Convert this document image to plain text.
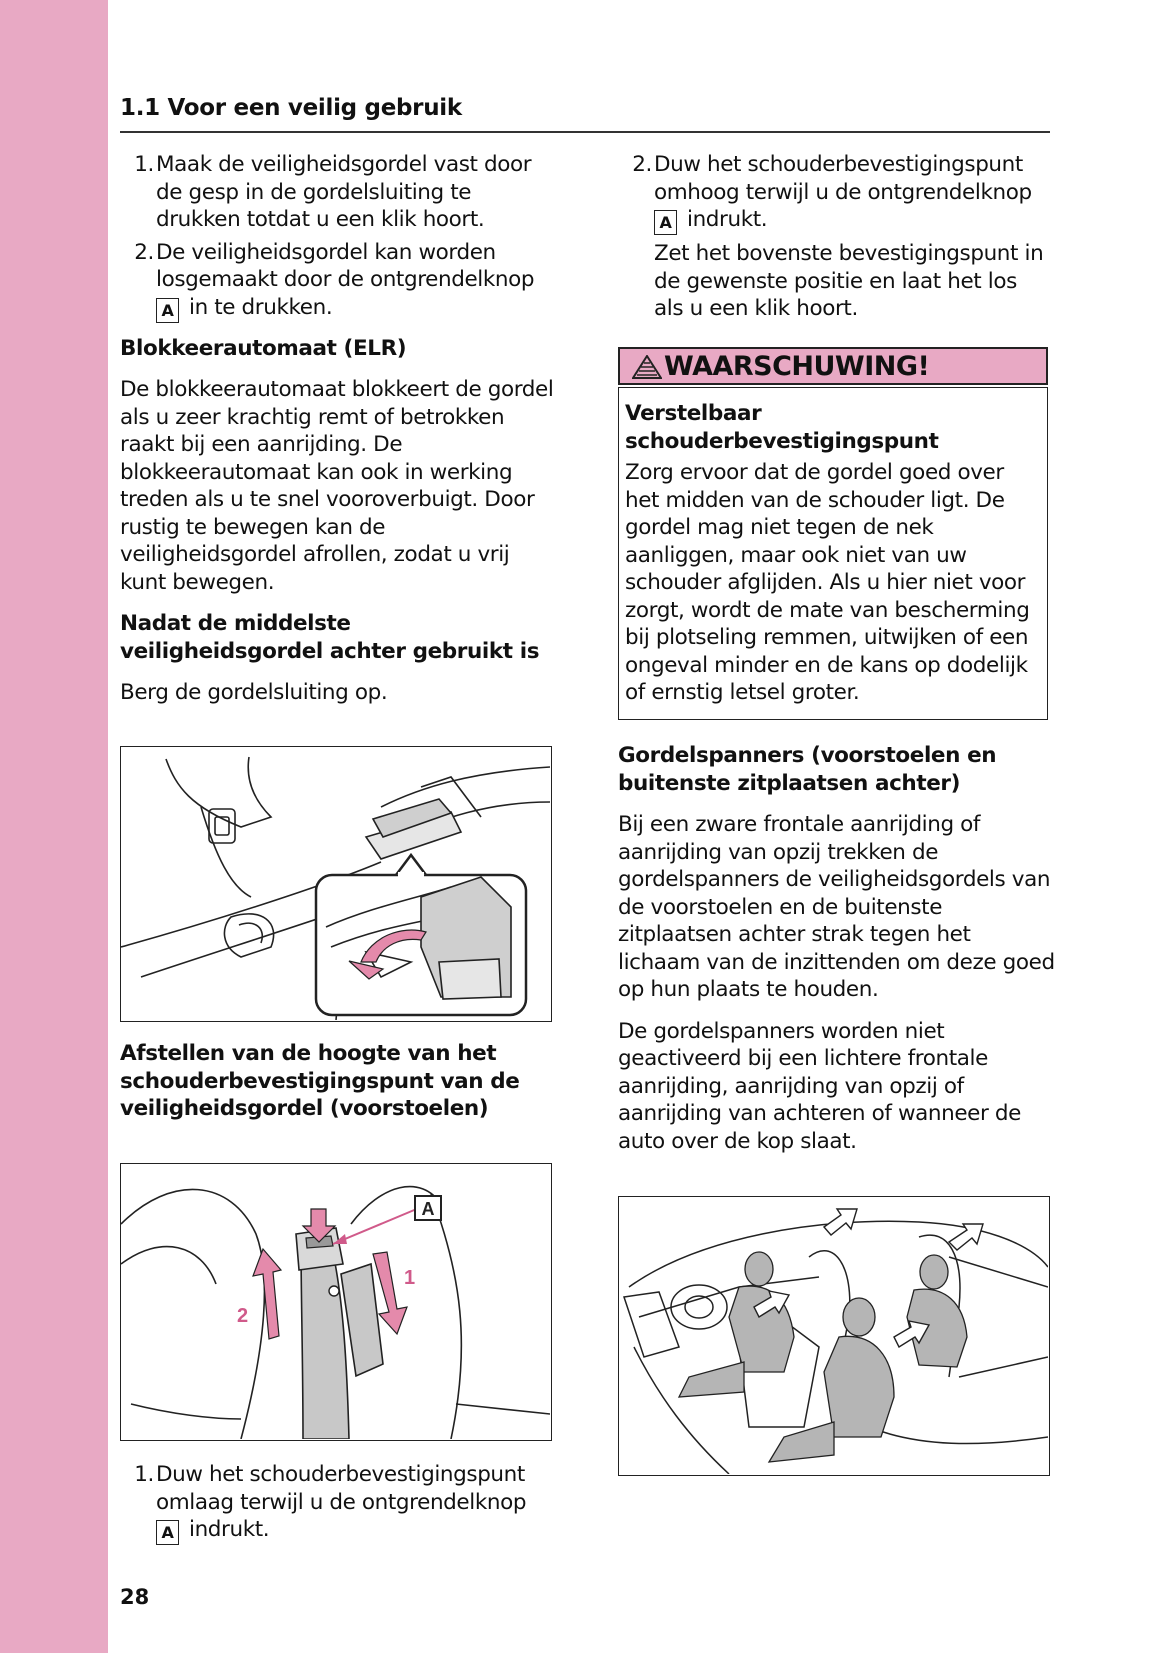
1.1 Voor een veilig gebruik
1. Maak de veiligheidsgordel vast door de gesp in de gordelsluiting te drukken totdat u een klik hoort.
2. De veiligheidsgordel kan worden losgemaakt door de ontgrendelknop
A in te drukken.
Blokkeerautomaat (ELR)
De blokkeerautomaat blokkeert de gordel als u zeer krachtig remt of betrokken raakt bij een aanrijding. De blokkeerautomaat kan ook in werking treden als u te snel vooroverbuigt. Door rustig te bewegen kan de veiligheidsgordel afrollen, zodat u vrij kunt bewegen.
Nadat de middelste veiligheidsgordel achter gebruikt is
Berg de gordelsluiting op.
Afstellen van de hoogte van het schouderbevestigingspunt van de veiligheidsgordel (voorstoelen)
A
1
2
1. Duw het schouderbevestigingspunt omlaag terwijl u de ontgrendelknop
A indrukt.
2. Duw het schouderbevestigingspunt omhoog terwijl u de ontgrendelknop
A indrukt.
Zet het bovenste bevestigingspunt in de gewenste positie en laat het los als u een klik hoort.
WAARSCHUWING!
Verstelbaar schouderbevestigingspunt
Zorg ervoor dat de gordel goed over het midden van de schouder ligt. De gordel mag niet tegen de nek aanliggen, maar ook niet van uw schouder afglijden. Als u hier niet voor zorgt, wordt de mate van bescherming bij plotseling remmen, uitwijken of een ongeval minder en de kans op dodelijk of ernstig letsel groter.
Gordelspanners (voorstoelen en buitenste zitplaatsen achter)
Bij een zware frontale aanrijding of aanrijding van opzij trekken de gordelspanners de veiligheidsgordels van de voorstoelen en de buitenste zitplaatsen achter strak tegen het lichaam van de inzittenden om deze goed op hun plaats te houden.
De gordelspanners worden niet geactiveerd bij een lichtere frontale aanrijding, aanrijding van opzij of aanrijding van achteren of wanneer de auto over de kop slaat.
28
